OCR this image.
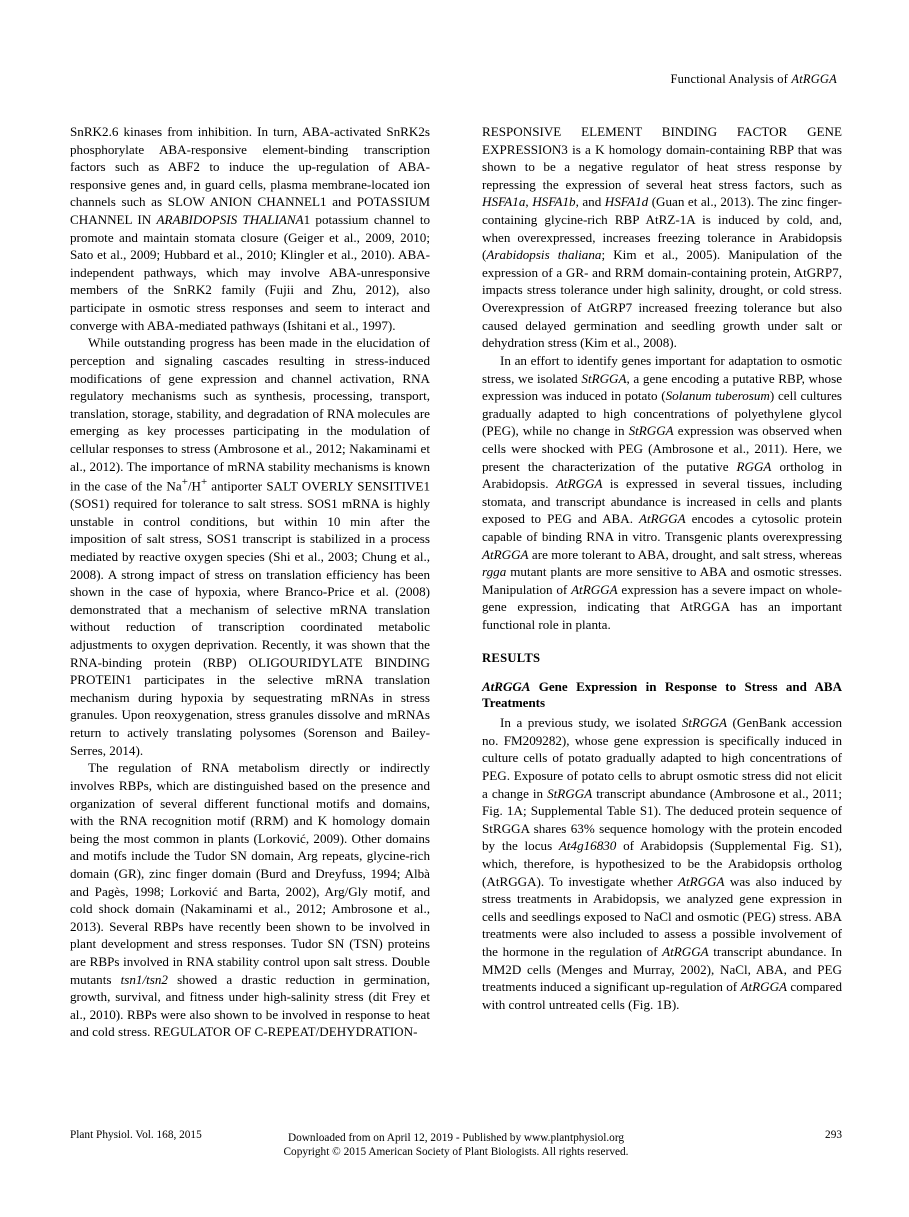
Functional Analysis of AtRGGA

SnRK2.6 kinases from inhibition. In turn, ABA-activated SnRK2s phosphorylate ABA-responsive element-binding transcription factors such as ABF2 to induce the up-regulation of ABA-responsive genes and, in guard cells, plasma membrane-located ion channels such as SLOW ANION CHANNEL1 and POTASSIUM CHANNEL IN ARABIDOPSIS THALIANA1 potassium channel to promote and maintain stomata closure (Geiger et al., 2009, 2010; Sato et al., 2009; Hubbard et al., 2010; Klingler et al., 2010). ABA-independent pathways, which may involve ABA-unresponsive members of the SnRK2 family (Fujii and Zhu, 2012), also participate in osmotic stress responses and seem to interact and converge with ABA-mediated pathways (Ishitani et al., 1997).

While outstanding progress has been made in the elucidation of perception and signaling cascades resulting in stress-induced modifications of gene expression and channel activation, RNA regulatory mechanisms such as synthesis, processing, transport, translation, storage, stability, and degradation of RNA molecules are emerging as key processes participating in the modulation of cellular responses to stress (Ambrosone et al., 2012; Nakaminami et al., 2012). The importance of mRNA stability mechanisms is known in the case of the Na+/H+ antiporter SALT OVERLY SENSITIVE1 (SOS1) required for tolerance to salt stress. SOS1 mRNA is highly unstable in control conditions, but within 10 min after the imposition of salt stress, SOS1 transcript is stabilized in a process mediated by reactive oxygen species (Shi et al., 2003; Chung et al., 2008). A strong impact of stress on translation efficiency has been shown in the case of hypoxia, where Branco-Price et al. (2008) demonstrated that a mechanism of selective mRNA translation without reduction of transcription coordinated metabolic adjustments to oxygen deprivation. Recently, it was shown that the RNA-binding protein (RBP) OLIGOURIDYLATE BINDING PROTEIN1 participates in the selective mRNA translation mechanism during hypoxia by sequestrating mRNAs in stress granules. Upon reoxygenation, stress granules dissolve and mRNAs return to actively translating polysomes (Sorenson and Bailey-Serres, 2014).

The regulation of RNA metabolism directly or indirectly involves RBPs, which are distinguished based on the presence and organization of several different functional motifs and domains, with the RNA recognition motif (RRM) and K homology domain being the most common in plants (Lorković, 2009). Other domains and motifs include the Tudor SN domain, Arg repeats, glycine-rich domain (GR), zinc finger domain (Burd and Dreyfuss, 1994; Albà and Pagès, 1998; Lorković and Barta, 2002), Arg/Gly motif, and cold shock domain (Nakaminami et al., 2012; Ambrosone et al., 2013). Several RBPs have recently been shown to be involved in plant development and stress responses. Tudor SN (TSN) proteins are RBPs involved in RNA stability control upon salt stress. Double mutants tsn1/tsn2 showed a drastic reduction in germination, growth, survival, and fitness under high-salinity stress (dit Frey et al., 2010). RBPs were also shown to be involved in response to heat and cold stress. REGULATOR OF C-REPEAT/DEHYDRATION-

RESPONSIVE ELEMENT BINDING FACTOR GENE EXPRESSION3 is a K homology domain-containing RBP that was shown to be a negative regulator of heat stress response by repressing the expression of several heat stress factors, such as HSFA1a, HSFA1b, and HSFA1d (Guan et al., 2013). The zinc finger-containing glycine-rich RBP AtRZ-1A is induced by cold, and, when overexpressed, increases freezing tolerance in Arabidopsis (Arabidopsis thaliana; Kim et al., 2005). Manipulation of the expression of a GR- and RRM domain-containing protein, AtGRP7, impacts stress tolerance under high salinity, drought, or cold stress. Overexpression of AtGRP7 increased freezing tolerance but also caused delayed germination and seedling growth under salt or dehydration stress (Kim et al., 2008).

In an effort to identify genes important for adaptation to osmotic stress, we isolated StRGGA, a gene encoding a putative RBP, whose expression was induced in potato (Solanum tuberosum) cell cultures gradually adapted to high concentrations of polyethylene glycol (PEG), while no change in StRGGA expression was observed when cells were shocked with PEG (Ambrosone et al., 2011). Here, we present the characterization of the putative RGGA ortholog in Arabidopsis. AtRGGA is expressed in several tissues, including stomata, and transcript abundance is increased in cells and plants exposed to PEG and ABA. AtRGGA encodes a cytosolic protein capable of binding RNA in vitro. Transgenic plants overexpressing AtRGGA are more tolerant to ABA, drought, and salt stress, whereas rgga mutant plants are more sensitive to ABA and osmotic stresses. Manipulation of AtRGGA expression has a severe impact on whole-gene expression, indicating that AtRGGA has an important functional role in planta.

RESULTS
AtRGGA Gene Expression in Response to Stress and ABA Treatments

In a previous study, we isolated StRGGA (GenBank accession no. FM209282), whose gene expression is specifically induced in culture cells of potato gradually adapted to high concentrations of PEG. Exposure of potato cells to abrupt osmotic stress did not elicit a change in StRGGA transcript abundance (Ambrosone et al., 2011; Fig. 1A; Supplemental Table S1). The deduced protein sequence of StRGGA shares 63% sequence homology with the protein encoded by the locus At4g16830 of Arabidopsis (Supplemental Fig. S1), which, therefore, is hypothesized to be the Arabidopsis ortholog (AtRGGA). To investigate whether AtRGGA was also induced by stress treatments in Arabidopsis, we analyzed gene expression in cells and seedlings exposed to NaCl and osmotic (PEG) stress. ABA treatments were also included to assess a possible involvement of the hormone in the regulation of AtRGGA transcript abundance. In MM2D cells (Menges and Murray, 2002), NaCl, ABA, and PEG treatments induced a significant up-regulation of AtRGGA compared with control untreated cells (Fig. 1B).

Plant Physiol. Vol. 168, 2015	Downloaded from on April 12, 2019 - Published by www.plantphysiol.org
Copyright © 2015 American Society of Plant Biologists. All rights reserved.
293
